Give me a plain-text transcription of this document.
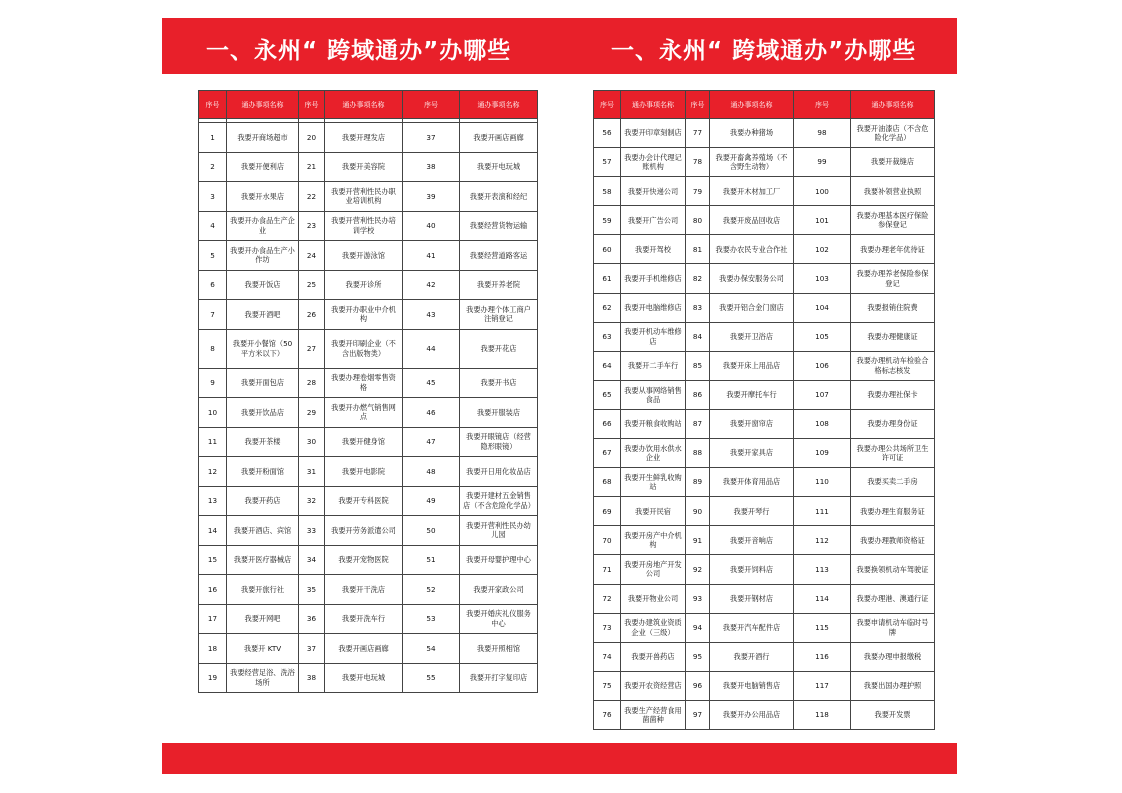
一、永州“ 跨域通办”办哪些	一、永州“ 跨域通办”办哪些
序号	通办事项名称	序号	通办事项名称	序号	通办事项名称

1	我要开商场超市	20	我要开理发店	37	我要开画店画廊
2	我要开便利店	21	我要开美容院	38	我要开电玩城
3	我要开水果店	22	我要开营利性民办职业培训机构	39	我要开表演和经纪
4	我要开办食品生产企业	23	我要开营利性民办培训学校	40	我要经营货物运输
5	我要开办食品生产小作坊	24	我要开游泳馆	41	我要经营道路客运
6	我要开饭店	25	我要开诊所	42	我要开养老院
7	我要开酒吧	26	我要开办职业中介机构	43	我要办理个体工商户注销登记
8	我要开小餐馆（50 平方米以下）	27	我要开印刷企业（不含出版物类）	44	我要开花店
9	我要开面包店	28	我要办理卷烟零售资格	45	我要开书店
10	我要开饮品店	29	我要开办燃气销售网点	46	我要开服装店
11	我要开茶楼	30	我要开健身馆	47	我要开眼镜店（经营隐形眼镜）
12	我要开粉面馆	31	我要开电影院	48	我要开日用化妆品店
13	我要开药店	32	我要开专科医院	49	我要开建材五金销售店（不含危险化学品）
14	我要开酒店、宾馆	33	我要开劳务派遣公司	50	我要开营利性民办幼儿园
15	我要开医疗器械店	34	我要开宠物医院	51	我要开母婴护理中心
16	我要开旅行社	35	我要开干洗店	52	我要开家政公司
17	我要开网吧	36	我要开洗车行	53	我要开婚庆礼仪服务中心
18	我要开 KTV	37	我要开画店画廊	54	我要开照相馆
19	我要经营足浴、洗浴场所	38	我要开电玩城	55	我要开打字复印店
序号	通办事项名称	序号	通办事项名称	序号	通办事项名称
56	我要开印章刻制店	77	我要办种猪场	98	我要开油漆店（不含危险化学品）
57	我要办会计代理记账机构	78	我要开畜禽养殖场（不含野生动物）	99	我要开裁缝店
58	我要开快递公司	79	我要开木材加工厂	100	我要补领营业执照
59	我要开广告公司	80	我要开废品回收店	101	我要办理基本医疗保险参保登记
60	我要开驾校	81	我要办农民专业合作社	102	我要办理老年优待证
61	我要开手机维修店	82	我要办保安服务公司	103	我要办理养老保险参保登记
62	我要开电脑维修店	83	我要开铝合金门窗店	104	我要报销住院费
63	我要开机动车维修店	84	我要开卫浴店	105	我要办理健康证
64	我要开二手车行	85	我要开床上用品店	106	我要办理机动车检验合格标志核发
65	我要从事网络销售食品	86	我要开摩托车行	107	我要办理社保卡
66	我要开粮食收购站	87	我要开窗帘店	108	我要办理身份证
67	我要办饮用水供水企业	88	我要开家具店	109	我要办理公共场所卫生许可证
68	我要开生鲜乳收购站	89	我要开体育用品店	110	我要买卖二手房
69	我要开民宿	90	我要开琴行	111	我要办理生育服务证
70	我要开房产中介机构	91	我要开音响店	112	我要办理教师资格证
71	我要开房地产开发公司	92	我要开饲料店	113	我要换领机动车驾驶证
72	我要开物业公司	93	我要开钢材店	114	我要办理港、澳通行证
73	我要办建筑业资质企业（三级）	94	我要开汽车配件店	115	我要申请机动车临时号牌
74	我要开兽药店	95	我要开酒行	116	我要办理申报缴税
75	我要开农资经营店	96	我要开电脑销售店	117	我要出国办理护照
76	我要生产经营食用菌菌种	97	我要开办公用品店	118	我要开发票
